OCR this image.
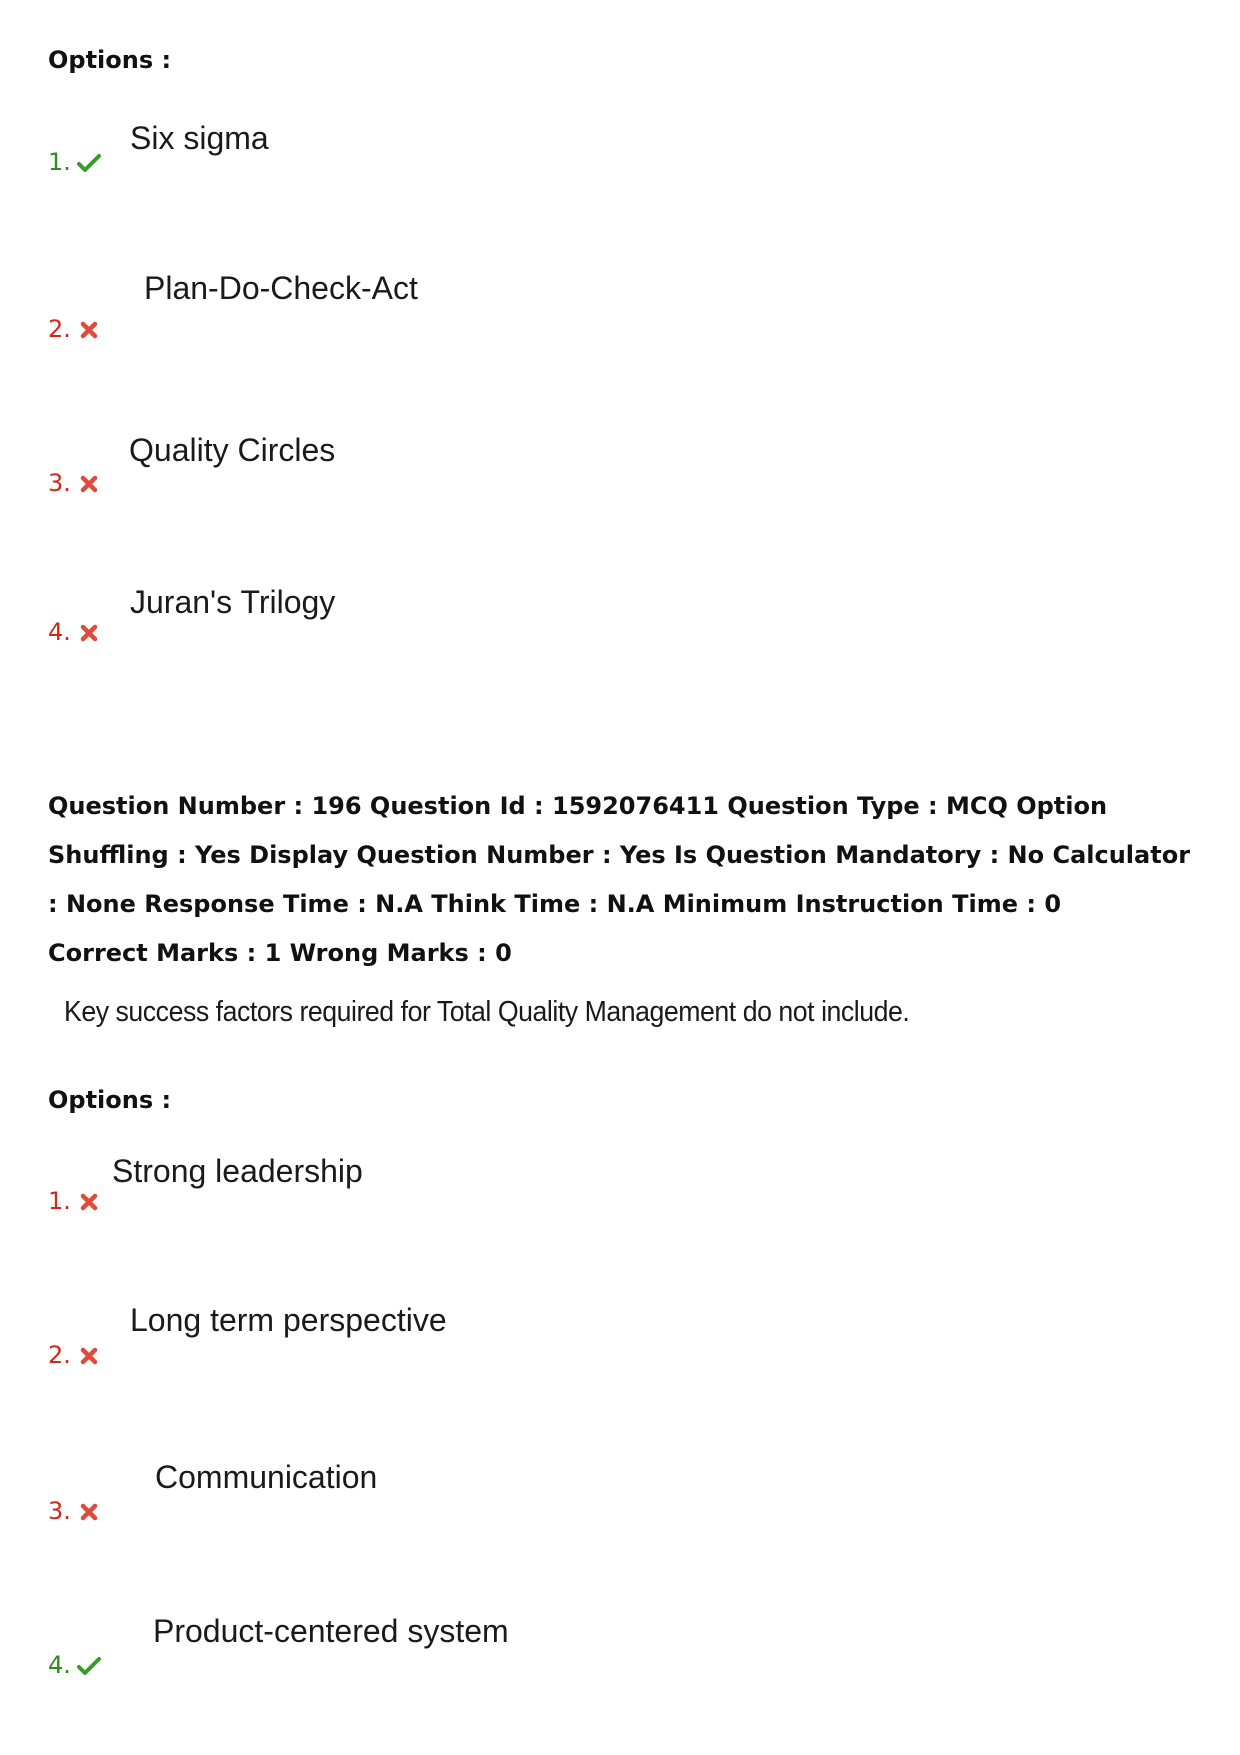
Options :
1.
Six sigma
2.
Plan-Do-Check-Act
3.
Quality Circles
4.
Juran's Trilogy
Question Number : 196 Question Id : 1592076411 Question Type : MCQ Option Shuffling : Yes Display Question Number : Yes Is Question Mandatory : No Calculator : None Response Time : N.A Think Time : N.A Minimum Instruction Time : 0
Correct Marks : 1 Wrong Marks : 0
Key success factors required for Total Quality Management do not include.
Options :
1.
Strong leadership
2.
Long term perspective
3.
Communication
4.
Product-centered system
